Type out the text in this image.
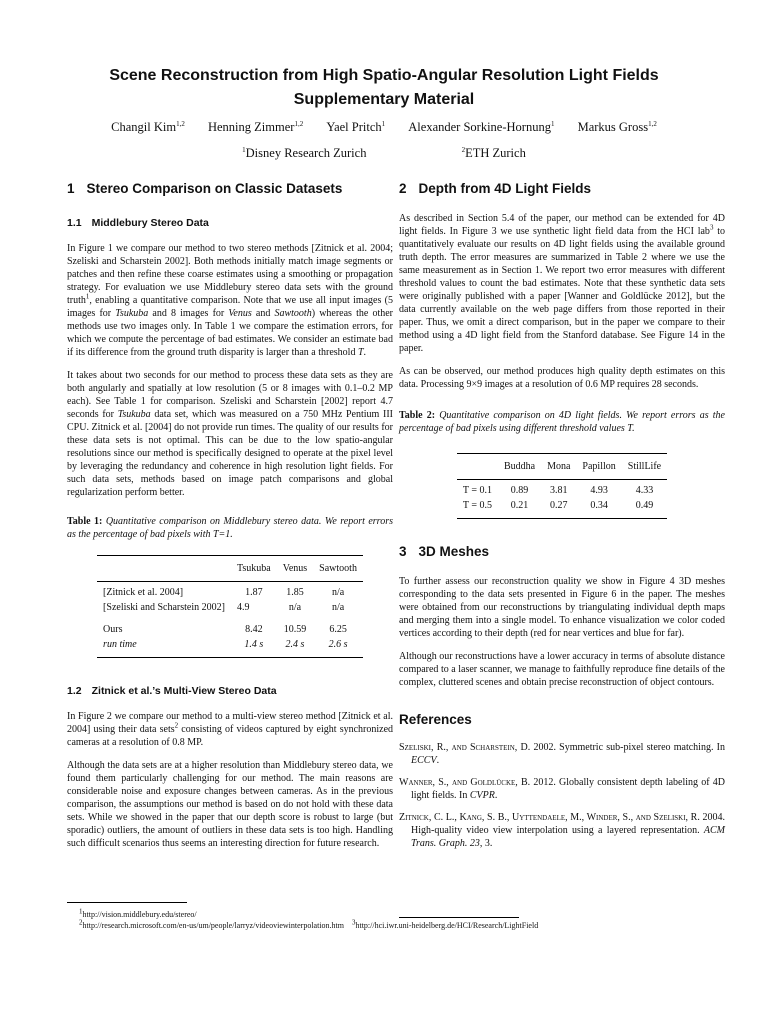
Scene Reconstruction from High Spatio-Angular Resolution Light Fields
Supplementary Material
Changil Kim$^{1,2}$ Henning Zimmer$^{1,2}$ Yael Pritch$^1$ Alexander Sorkine-Hornung$^1$ Markus Gross$^{1,2}$
$^1$Disney Research Zurich	$^2$ETH Zurich
1 Stereo Comparison on Classic Datasets
1.1 Middlebury Stereo Data

In Figure 1 we compare our method to two stereo methods [Zitnick et al. 2004; Szeliski and Scharstein 2002]. Both methods initially match image segments or patches and then refine these coarse estimates using a smoothing or propagation strategy. For evaluation we use Middlebury stereo data sets with the ground truth$^1$, enabling a quantitative comparison. Note that we use all input images (5 images for Tsukuba and 8 images for Venus and Sawtooth) whereas the other methods use two images only. In Table 1 we compare the estimation errors, for which we compute the percentage of bad estimates. We consider an estimate bad if its difference from the ground truth disparity is larger than a threshold T.

It takes about two seconds for our method to process these data sets as they are both angularly and spatially at low resolution (5 or 8 images with 0.1–0.2 MP each). See Table 1 for comparison. Szeliski and Scharstein [2002] report 4.7 seconds for Tsukuba data set, which was measured on a 750 MHz Pentium III CPU. Zitnick et al. [2004] do not provide run times. The quality of our results for these data sets is not optimal. This can be due to the low spatio-angular resolutions since our method is specifically designed to operate at the pixel level by leveraging the redundancy and coherence in high resolution light fields. For such data sets, methods based on image patch comparisons and global regularization perform better.

Table 1: Quantitative comparison on Middlebury stereo data. We report errors as the percentage of bad pixels with T=1.
	Tsukuba	Venus	Sawtooth
[Zitnick et al. 2004]	1.87	1.85	n/a
[Szeliski and Scharstein 2002]	4.9	n/a	n/a
Ours	8.42	10.59	6.25
run time	1.4 s	2.4 s	2.6 s
1.2 Zitnick et al.’s Multi-View Stereo Data

In Figure 2 we compare our method to a multi-view stereo method [Zitnick et al. 2004] using their data sets$^2$ consisting of videos captured by eight synchronized cameras at a resolution of 0.8 MP.

Although the data sets are at a higher resolution than Middlebury stereo data, we found them particularly challenging for our method. The main reasons are considerable noise and exposure changes between cameras. As in the previous comparison, the assumptions our method is based on do not hold with these data sets. While we showed in the paper that our depth score is robust to large (but sporadic) outliers, the amount of outliers in these data sets is too high. Handling such difficult scenarios thus seems an interesting direction for future research.

2 Depth from 4D Light Fields

As described in Section 5.4 of the paper, our method can be extended for 4D light fields. In Figure 3 we use synthetic light field data from the HCI lab$^3$ to quantitatively evaluate our results on 4D light fields using the available ground truth depth. The error measures are summarized in Table 2 where we use the same measurement as in Section 1. We report two error measures with different threshold values to count the bad estimates. Note that these synthetic data sets were originally published with a paper [Wanner and Goldlücke 2012], but the data currently available on the web page differs from those reported in their paper. Thus, we omit a direct comparison, but in the paper we compare to their method using a 4D light field from the Stanford database. See Figure 14 in the paper.

As can be observed, our method produces high quality depth estimates on this data. Processing 9×9 images at a resolution of 0.6 MP requires 28 seconds.

Table 2: Quantitative comparison on 4D light fields. We report errors as the percentage of bad pixels using different threshold values T.
	Buddha	Mona	Papillon	StillLife
T = 0.1	0.89	3.81	4.93	4.33
T = 0.5	0.21	0.27	0.34	0.49
3 3D Meshes

To further assess our reconstruction quality we show in Figure 4 3D meshes corresponding to the data sets presented in Figure 6 in the paper. The meshes were obtained from our reconstructions by triangulating individual depth maps and merging them into a single model. To enhance visualization we color coded vertices according to their depth (red for near vertices and blue for far).

Although our reconstructions have a lower accuracy in terms of absolute distance compared to a laser scanner, we manage to faithfully reproduce fine details of the complex, cluttered scenes and obtain precise reconstruction of object contours.

References
Szeliski, R., and Scharstein, D. 2002. Symmetric sub-pixel stereo matching. In ECCV.
Wanner, S., and Goldlücke, B. 2012. Globally consistent depth labeling of 4D light fields. In CVPR.
Zitnick, C. L., Kang, S. B., Uyttendaele, M., Winder, S., and Szeliski, R. 2004. High-quality video view interpolation using a layered representation. ACM Trans. Graph. 23, 3.
$^1$http://vision.middlebury.edu/stereo/
$^2$http://research.microsoft.com/en-us/um/people/larryz/videoviewinterpolation.htm $^3$http://hci.iwr.uni-heidelberg.de/HCI/Research/LightField
